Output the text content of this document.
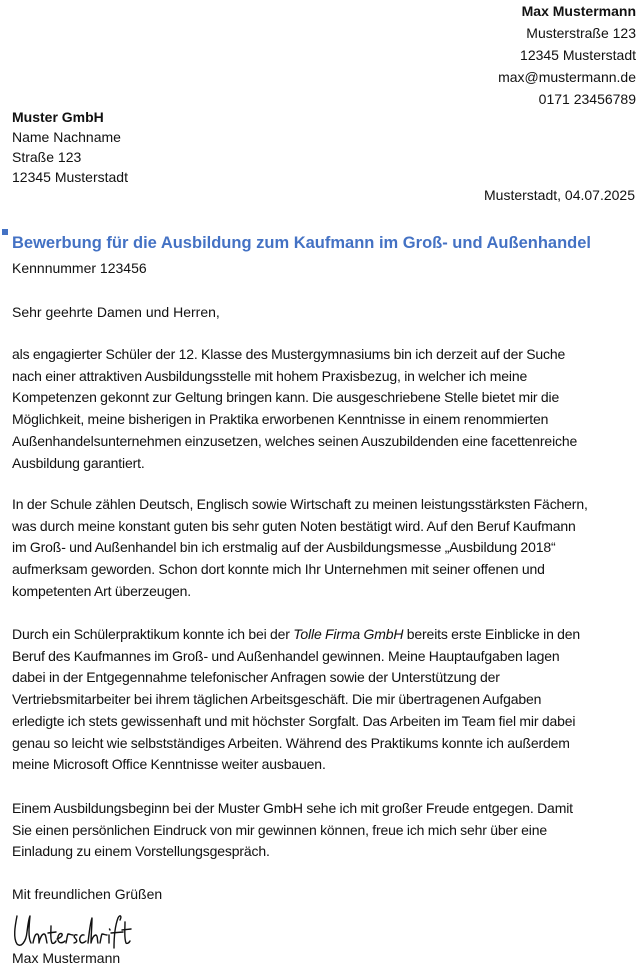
Max Mustermann
Musterstraße 123
12345 Musterstadt
max@mustermann.de
0171 23456789
Muster GmbH
Name Nachname
Straße 123
12345 Musterstadt
Musterstadt, 04.07.2025
Bewerbung für die Ausbildung zum Kaufmann im Groß- und Außenhandel
Kennnummer 123456
Sehr geehrte Damen und Herren,
als engagierter Schüler der 12. Klasse des Mustergymnasiums bin ich derzeit auf der Suche
nach einer attraktiven Ausbildungsstelle mit hohem Praxisbezug, in welcher ich meine
Kompetenzen gekonnt zur Geltung bringen kann. Die ausgeschriebene Stelle bietet mir die
Möglichkeit, meine bisherigen in Praktika erworbenen Kenntnisse in einem renommierten
Außenhandelsunternehmen einzusetzen, welches seinen Auszubildenden eine facettenreiche
Ausbildung garantiert.
In der Schule zählen Deutsch, Englisch sowie Wirtschaft zu meinen leistungsstärksten Fächern,
was durch meine konstant guten bis sehr guten Noten bestätigt wird. Auf den Beruf Kaufmann
im Groß- und Außenhandel bin ich erstmalig auf der Ausbildungsmesse „Ausbildung 2018“
aufmerksam geworden. Schon dort konnte mich Ihr Unternehmen mit seiner offenen und
kompetenten Art überzeugen.
Durch ein Schülerpraktikum konnte ich bei der Tolle Firma GmbH bereits erste Einblicke in den
Beruf des Kaufmannes im Groß- und Außenhandel gewinnen. Meine Hauptaufgaben lagen
dabei in der Entgegennahme telefonischer Anfragen sowie der Unterstützung der
Vertriebsmitarbeiter bei ihrem täglichen Arbeitsgeschäft. Die mir übertragenen Aufgaben
erledigte ich stets gewissenhaft und mit höchster Sorgfalt. Das Arbeiten im Team fiel mir dabei
genau so leicht wie selbstständiges Arbeiten. Während des Praktikums konnte ich außerdem
meine Microsoft Office Kenntnisse weiter ausbauen.
Einem Ausbildungsbeginn bei der Muster GmbH sehe ich mit großer Freude entgegen. Damit
Sie einen persönlichen Eindruck von mir gewinnen können, freue ich mich sehr über eine
Einladung zu einem Vorstellungsgespräch.
Mit freundlichen Grüßen
Max Mustermann
